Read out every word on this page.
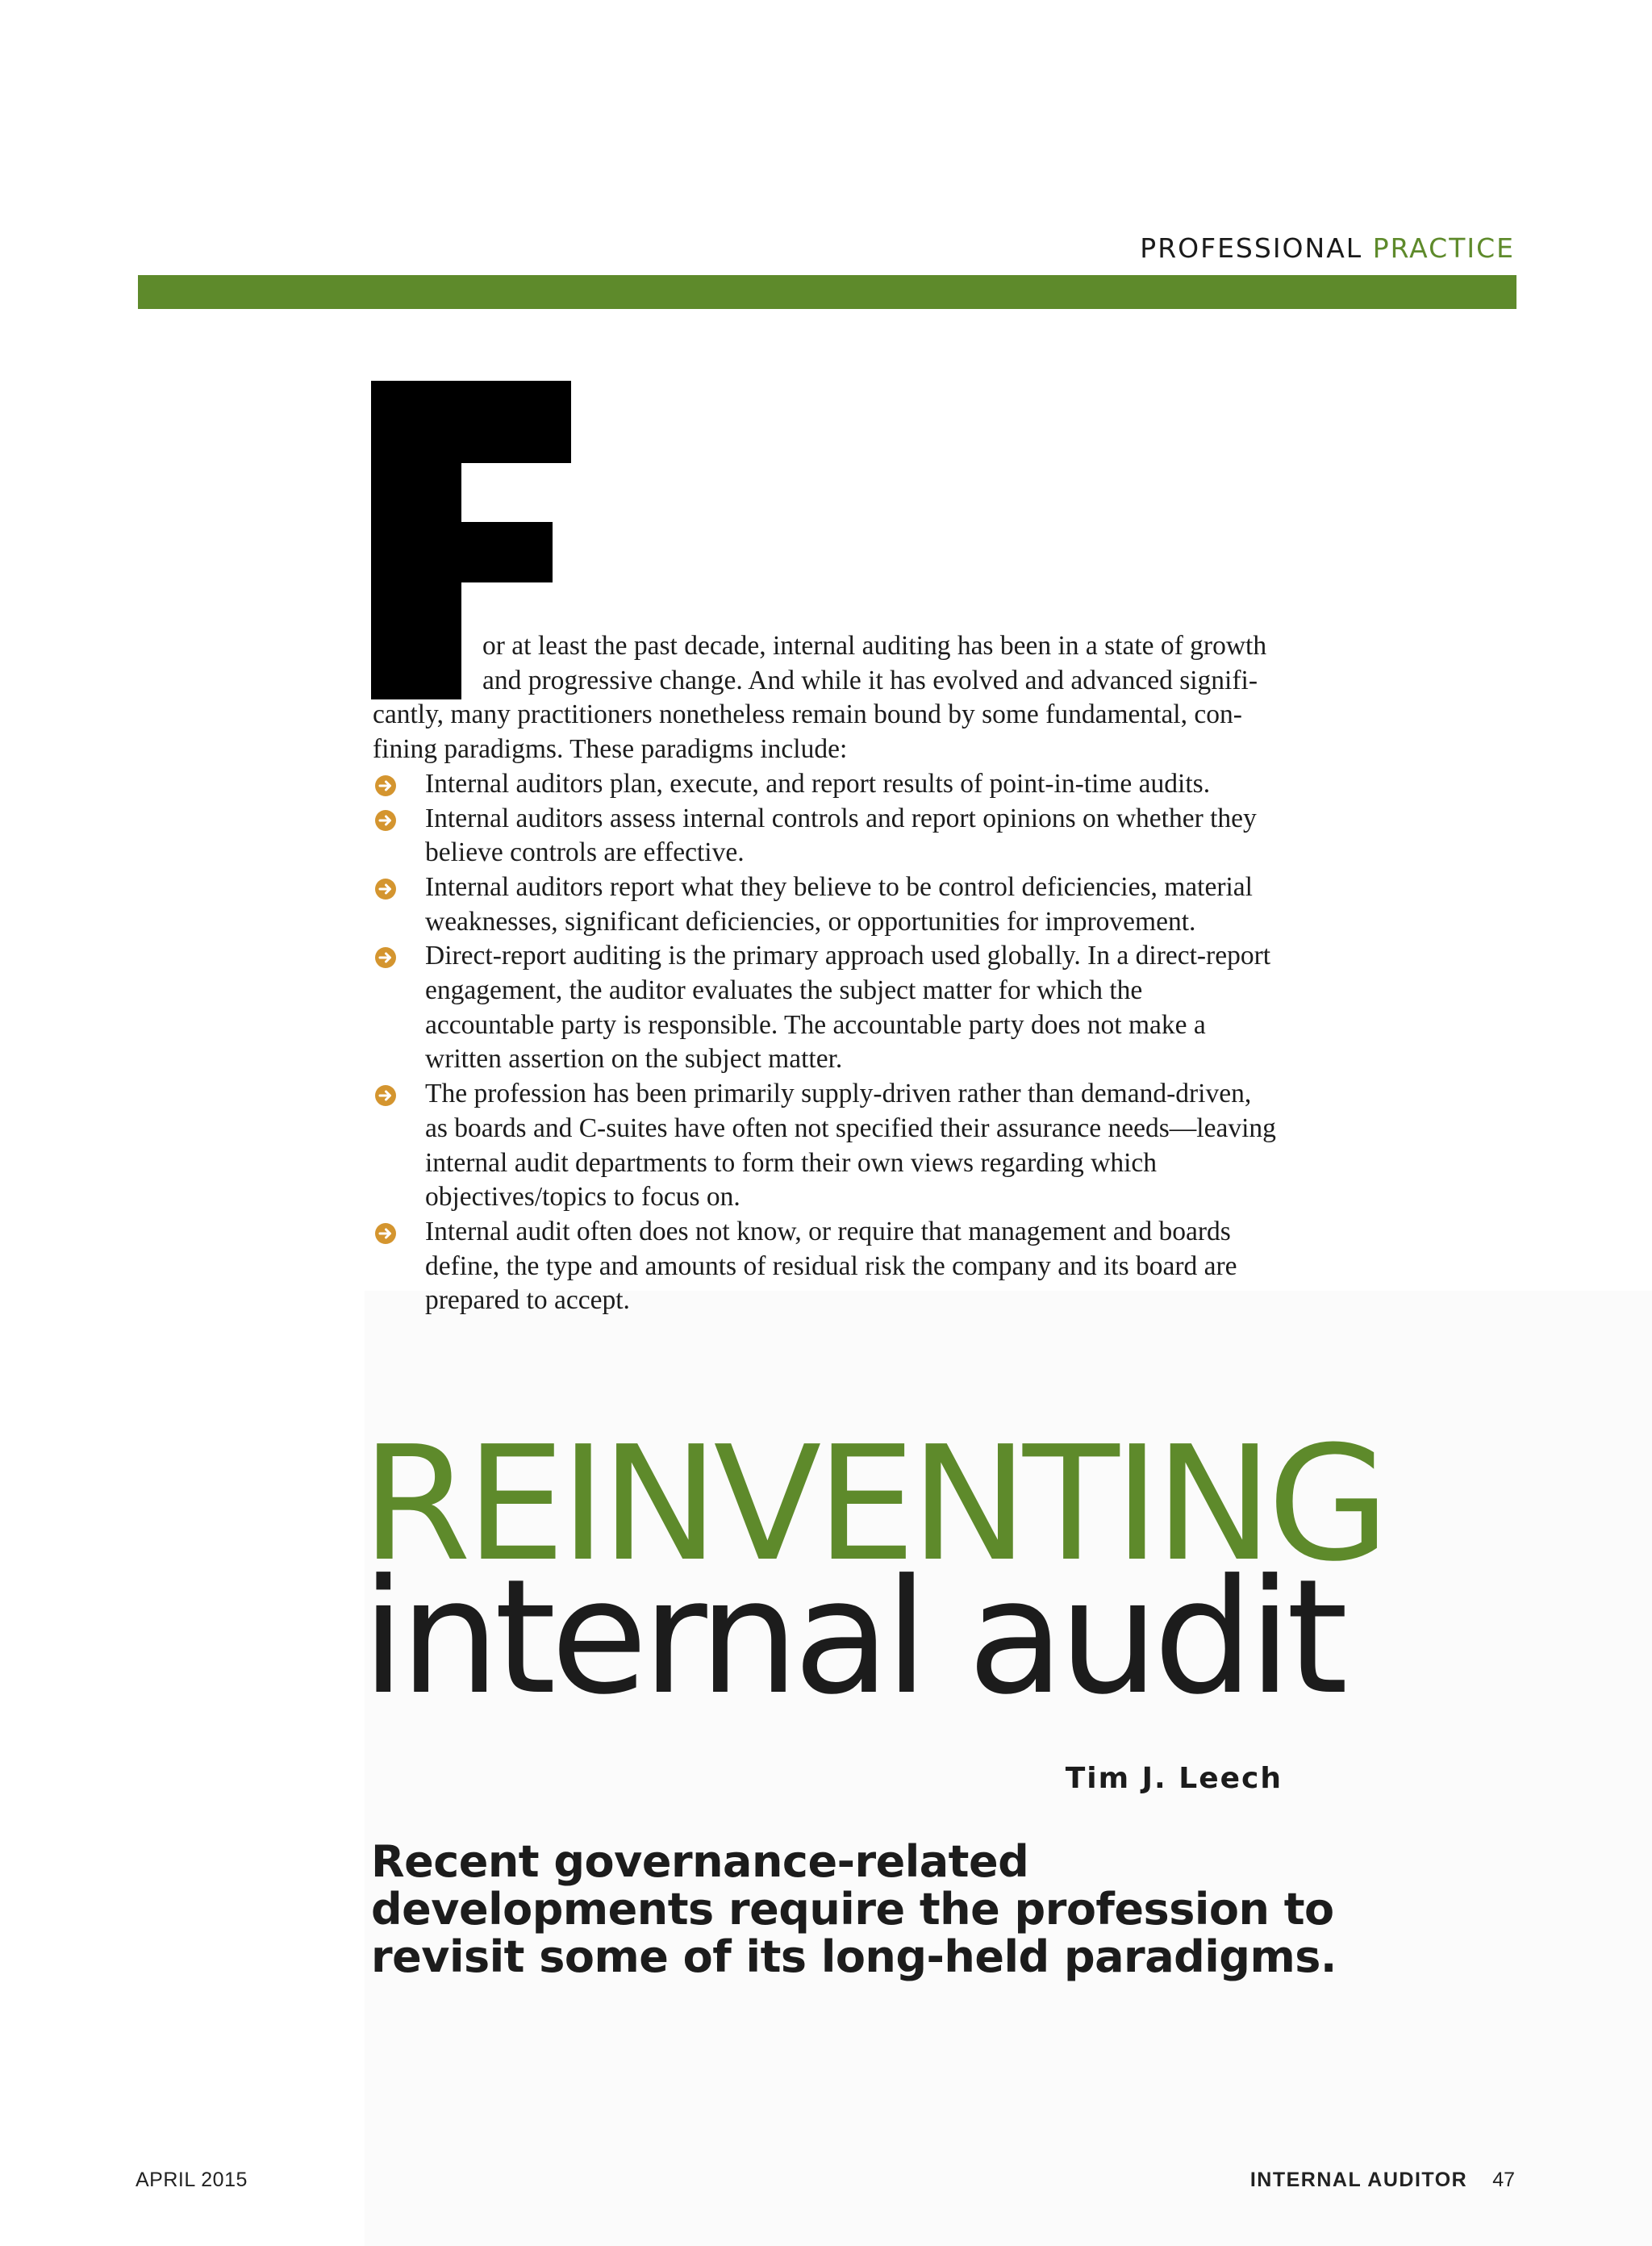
PROFESSIONAL PRACTICE
or at least the past decade, internal auditing has been in a state of growth
and progressive change. And while it has evolved and advanced signifi-
cantly, many practitioners nonetheless remain bound by some fundamental, con-
fining paradigms. These paradigms include:
Internal auditors plan, execute, and report results of point-in-time audits.
Internal auditors assess internal controls and report opinions on whether they believe controls are effective.
Internal auditors report what they believe to be control deficiencies, material weaknesses, significant deficiencies, or opportunities for improvement.
Direct-report auditing is the primary approach used globally. In a direct-report engagement, the auditor evaluates the subject matter for which the accountable party is responsible. The accountable party does not make a written assertion on the subject matter.
The profession has been primarily supply-driven rather than demand-driven, as boards and C-suites have often not specified their assurance needs—leaving internal audit departments to form their own views regarding which objectives/topics to focus on.
Internal audit often does not know, or require that management and boards define, the type and amounts of residual risk the company and its board are prepared to accept.
REINVENTING
internal audit
Tim J. Leech
Recent governance-related
developments require the profession to
revisit some of its long-held paradigms.
APRIL 2015	INTERNAL AUDITOR 47
